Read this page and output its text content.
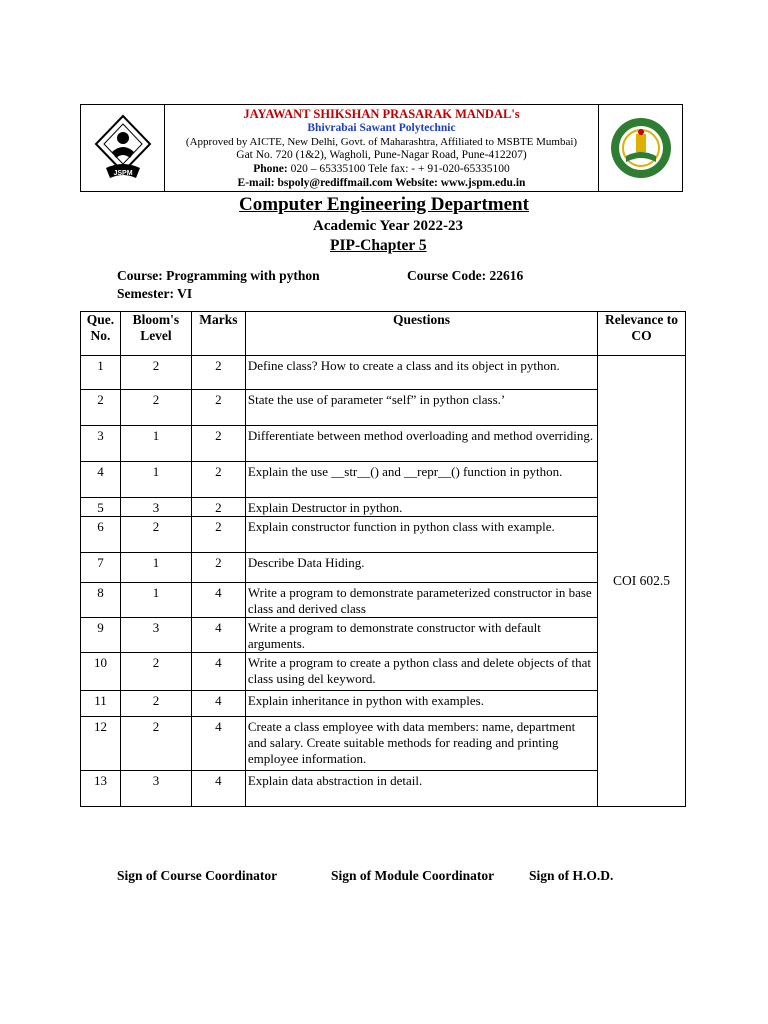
JSPM
JAYAWANT SHIKSHAN PRASARAK MANDAL's
Bhivrabai Sawant Polytechnic
(Approved by AICTE, New Delhi, Govt. of Maharashtra, Affiliated to MSBTE Mumbai)
Gat No. 720 (1&2), Wagholi, Pune-Nagar Road, Pune-412207)
Phone: 020 – 65335100 Tele fax: - + 91-020-65335100
E-mail: bspoly@rediffmail.com Website: www.jspm.edu.in
Computer Engineering Department
Academic Year 2022-23
PIP-Chapter 5
Course: Programming with python	Course Code: 22616
Semester: VI
Que. No.	Bloom's Level	Marks	Questions	Relevance to CO
1	2	2	Define class? How to create a class and its object in python.	COI 602.5
2	2	2	State the use of parameter “self” in python class.’	
3	1	2	Differentiate between method overloading and method overriding.	
4	1	2	Explain the use __str__() and __repr__() function in python.	
5	3	2	Explain Destructor in python.	
6	2	2	Explain constructor function in python class with example.	
7	1	2	Describe Data Hiding.	
8	1	4	Write a program to demonstrate parameterized constructor in base class and derived class	
9	3	4	Write a program to demonstrate constructor with default arguments.	
10	2	4	Write a program to create a python class and delete objects of that class using del keyword.	
11	2	4	Explain inheritance in python with examples.	
12	2	4	Create a class employee with data members: name, department and salary. Create suitable methods for reading and printing employee information.	
13	3	4	Explain data abstraction in detail.	
Sign of Course Coordinator	Sign of Module Coordinator	Sign of H.O.D.
